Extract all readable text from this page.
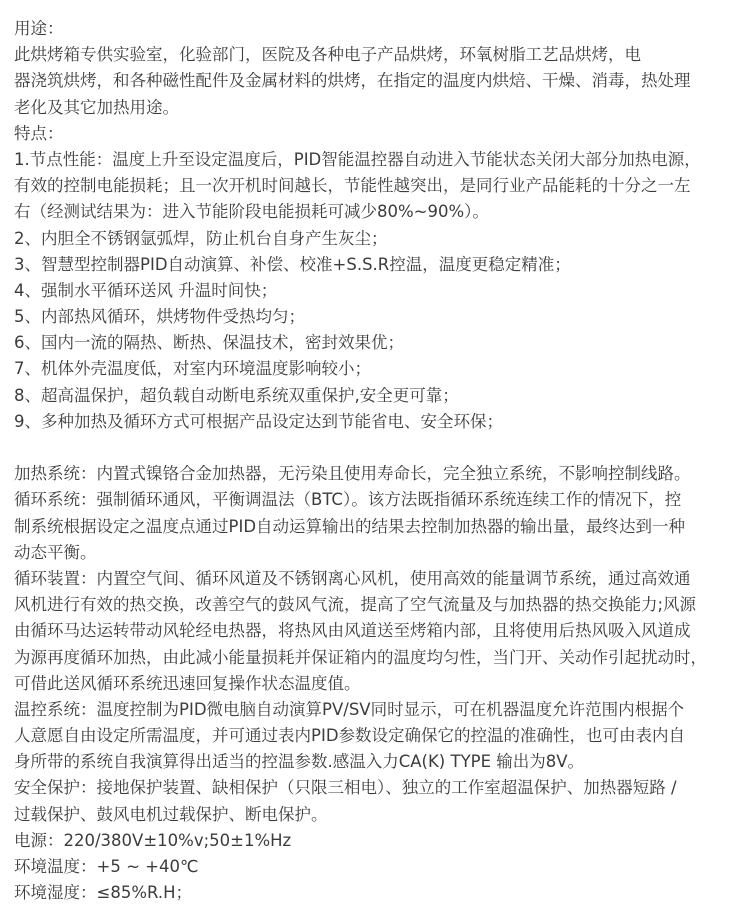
用途：
此烘烤箱专供实验室，化验部门，医院及各种电子产品烘烤，环氧树脂工艺品烘烤，电
器浇筑烘烤，和各种磁性配件及金属材料的烘烤，在指定的温度内烘焙、干燥、消毒，热处理
老化及其它加热用途。
特点：
1.节点性能：温度上升至设定温度后，PID智能温控器自动进入节能状态关闭大部分加热电源，
有效的控制电能损耗；且一次开机时间越长，节能性越突出，是同行业产品能耗的十分之一左
右（经测试结果为：进入节能阶段电能损耗可减少80%~90%）。
2、内胆全不锈钢氩弧焊，防止机台自身产生灰尘；
3、智慧型控制器PID自动演算、补偿、校准+S.S.R控温，温度更稳定精准；
4、强制水平循环送风 升温时间快；
5、内部热风循环，烘烤物件受热均匀；
6、国内一流的隔热、断热、保温技术，密封效果优；
7、机体外壳温度低，对室内环境温度影响较小；
8、超高温保护，超负载自动断电系统双重保护,安全更可靠；
9、多种加热及循环方式可根据产品设定达到节能省电、安全环保；
加热系统：内置式镍铬合金加热器，无污染且使用寿命长，完全独立系统，不影响控制线路。
循环系统：强制循环通风，平衡调温法（BTC）。该方法既指循环系统连续工作的情况下，控
制系统根据设定之温度点通过PID自动运算输出的结果去控制加热器的输出量，最终达到一种
动态平衡。
循环装置：内置空气间、循环风道及不锈钢离心风机，使用高效的能量调节系统，通过高效通
风机进行有效的热交换，改善空气的鼓风气流，提高了空气流量及与加热器的热交换能力;风源
由循环马达运转带动风轮经电热器，将热风由风道送至烤箱内部，且将使用后热风吸入风道成
为源再度循环加热，由此减小能量损耗并保证箱内的温度均匀性，当门开、关动作引起扰动时，
可借此送风循环系统迅速回复操作状态温度值。
温控系统：温度控制为PID微电脑自动演算PV/SV同时显示，可在机器温度允许范围内根据个
人意愿自由设定所需温度，并可通过表内PID参数设定确保它的控温的准确性，也可由表内自
身所带的系统自我演算得出适当的控温参数.感温入力CA(K) TYPE 输出为8V。
安全保护：接地保护装置、缺相保护（只限三相电）、独立的工作室超温保护、加热器短路 /
过载保护、鼓风电机过载保护、断电保护。
电源：220/380V±10%v;50±1%Hz
环境温度：+5 ~ +40℃
环境湿度：≤85%R.H；
